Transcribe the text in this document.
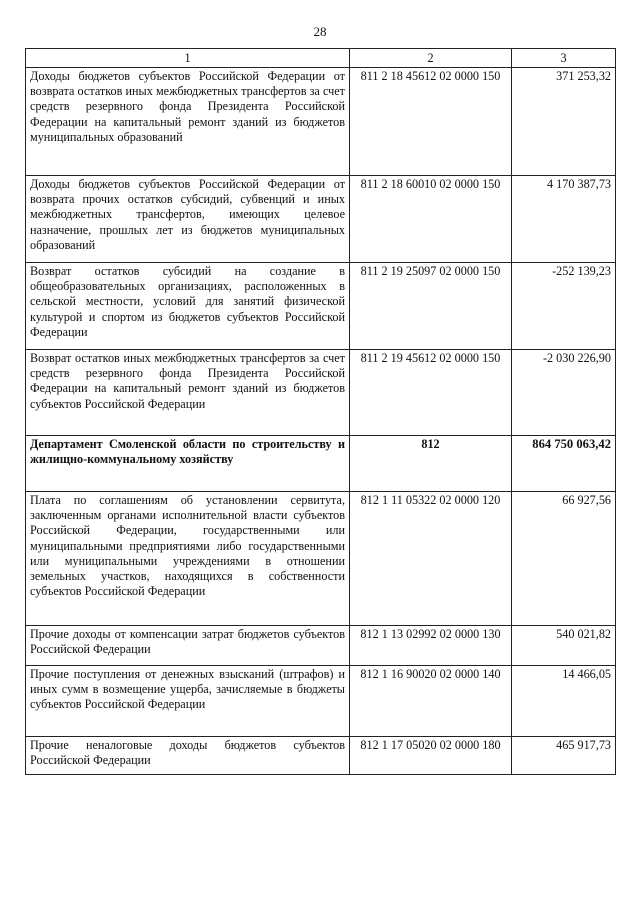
28
1	2	3
Доходы бюджетов субъектов Российской Федерации от возврата остатков иных межбюджетных трансфертов за счет средств резервного фонда Президента Российской Федерации на капитальный ремонт зданий из бюджетов муниципальных образований	811 2 18 45612 02 0000 150	371 253,32
Доходы бюджетов субъектов Российской Федерации от возврата прочих остатков субсидий, субвенций и иных межбюджетных трансфертов, имеющих целевое назначение, прошлых лет из бюджетов муниципальных образований	811 2 18 60010 02 0000 150	4 170 387,73
Возврат остатков субсидий на создание в общеобразовательных организациях, расположенных в сельской местности, условий для занятий физической культурой и спортом из бюджетов субъектов Российской Федерации	811 2 19 25097 02 0000 150	-252 139,23
Возврат остатков иных межбюджетных трансфертов за счет средств резервного фонда Президента Российской Федерации на капитальный ремонт зданий из бюджетов субъектов Российской Федерации	811 2 19 45612 02 0000 150	-2 030 226,90
Департамент Смоленской области по строительству и жилищно-коммунальному хозяйству	812	864 750 063,42
Плата по соглашениям об установлении сервитута, заключенным органами исполнительной власти субъектов Российской Федерации, государственными или муниципальными предприятиями либо государственными или муниципальными учреждениями в отношении земельных участков, находящихся в собственности субъектов Российской Федерации	812 1 11 05322 02 0000 120	66 927,56
Прочие доходы от компенсации затрат бюджетов субъектов Российской Федерации	812 1 13 02992 02 0000 130	540 021,82
Прочие поступления от денежных взысканий (штрафов) и иных сумм в возмещение ущерба, зачисляемые в бюджеты субъектов Российской Федерации	812 1 16 90020 02 0000 140	14 466,05
Прочие неналоговые доходы бюджетов субъектов Российской Федерации	812 1 17 05020 02 0000 180	465 917,73
